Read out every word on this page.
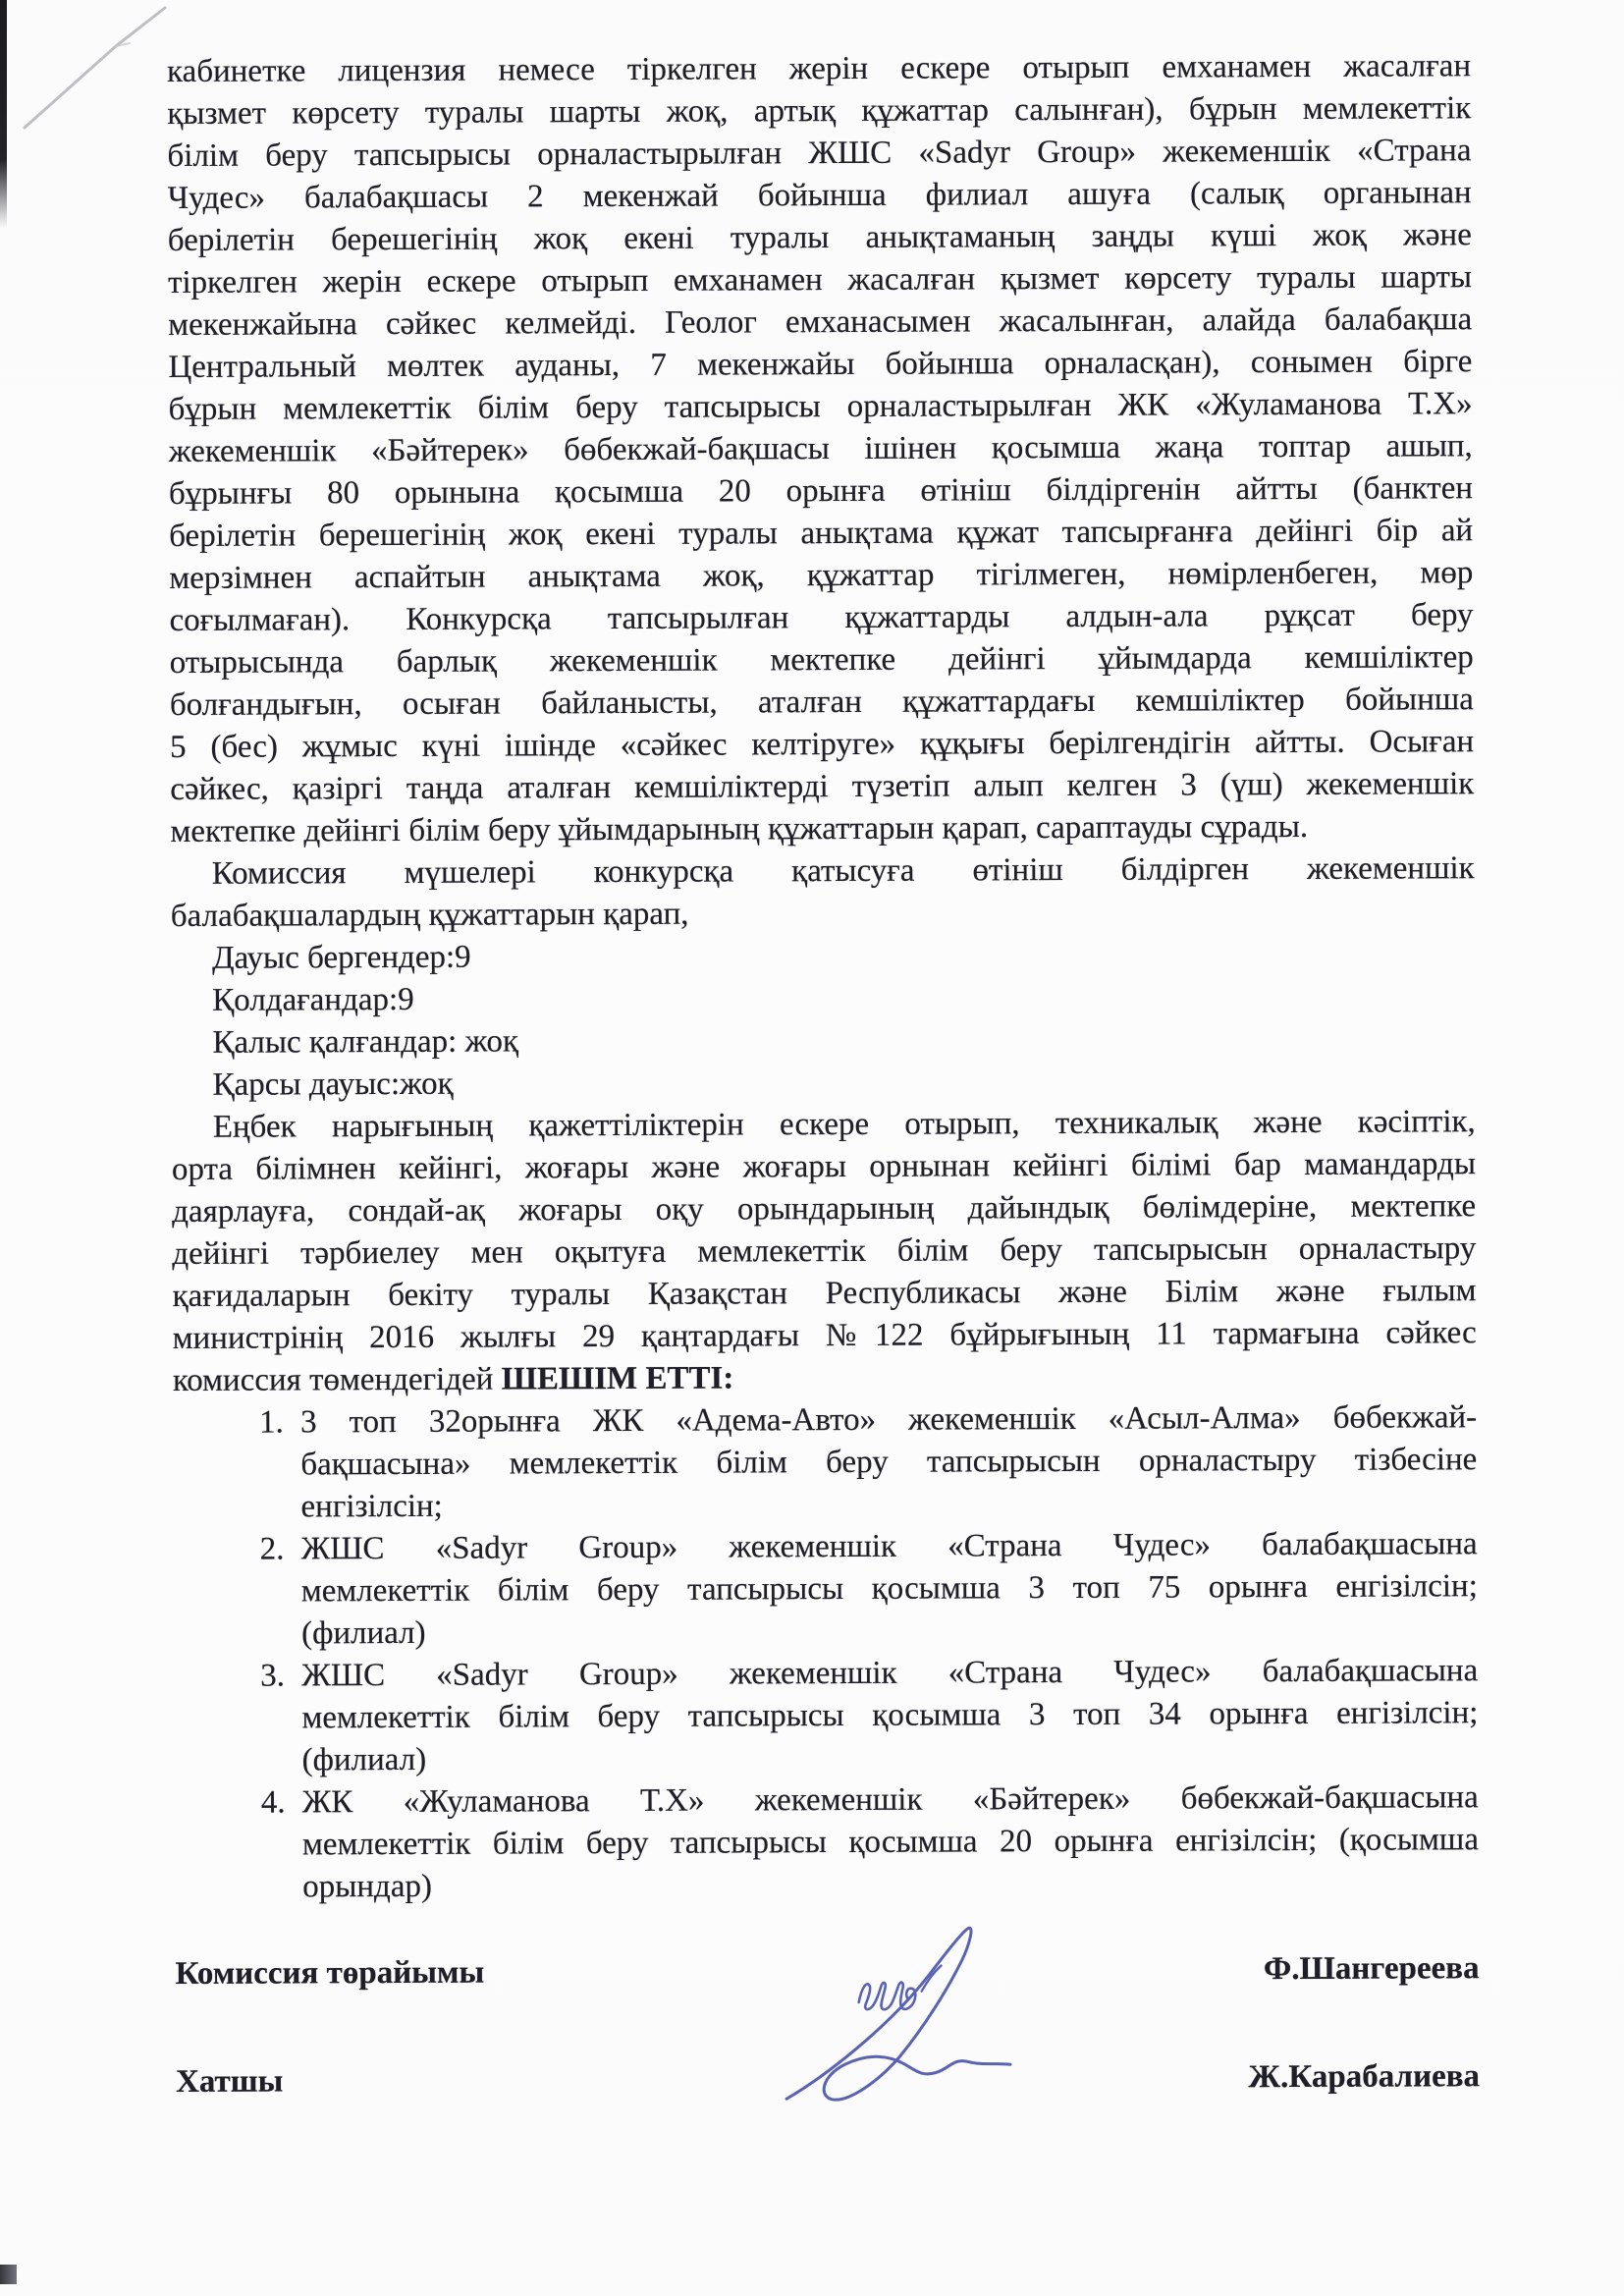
кабинетке лицензия немесе тіркелген жерін ескере отырып емханамен жасалған
қызмет көрсету туралы шарты жоқ, артық құжаттар салынған), бұрын мемлекеттік
білім беру тапсырысы орналастырылған ЖШС «Sadyr Group» жекеменшік «Страна
Чудес» балабақшасы 2 мекенжай бойынша филиал ашуға (салық органынан
берілетін берешегінің жоқ екені туралы анықтаманың заңды күші жоқ және
тіркелген жерін ескере отырып емханамен жасалған қызмет көрсету туралы шарты
мекенжайына сәйкес келмейді. Геолог емханасымен жасалынған, алайда балабақша
Центральный мөлтек ауданы, 7 мекенжайы бойынша орналасқан), сонымен бірге
бұрын мемлекеттік білім беру тапсырысы орналастырылған ЖК «Жуламанова Т.Х»
жекеменшік «Бәйтерек» бөбекжай-бақшасы ішінен қосымша жаңа топтар ашып,
бұрынғы 80 орынына қосымша 20 орынға өтініш білдіргенін айтты (банктен
берілетін берешегінің жоқ екені туралы анықтама құжат тапсырғанға дейінгі бір ай
мерзімнен аспайтын анықтама жоқ, құжаттар тігілмеген, нөмірленбеген, мөр
соғылмаған). Конкурсқа тапсырылған құжаттарды алдын-ала рұқсат беру
отырысында барлық жекеменшік мектепке дейінгі ұйымдарда кемшіліктер
болғандығын, осыған байланысты, аталған құжаттардағы кемшіліктер бойынша
5 (бес) жұмыс күні ішінде «сәйкес келтіруге» құқығы берілгендігін айтты. Осыған
сәйкес, қазіргі таңда аталған кемшіліктерді түзетіп алып келген 3 (үш) жекеменшік
мектепке дейінгі білім беру ұйымдарының құжаттарын қарап, сараптауды сұрады.
Комиссия мүшелері конкурсқа қатысуға өтініш білдірген жекеменшік
балабақшалардың құжаттарын қарап,
Дауыс бергендер:9
Қолдағандар:9
Қалыс қалғандар: жоқ
Қарсы дауыс:жоқ
Еңбек нарығының қажеттіліктерін ескере отырып, техникалық және кәсіптік,
орта білімнен кейінгі, жоғары және жоғары орнынан кейінгі білімі бар мамандарды
даярлауға, сондай-ақ жоғары оқу орындарының дайындық бөлімдеріне, мектепке
дейінгі тәрбиелеу мен оқытуға мемлекеттік білім беру тапсырысын орналастыру
қағидаларын бекіту туралы Қазақстан Республикасы және Білім және ғылым
министрінің 2016 жылғы 29 қаңтардағы №122 бұйрығының 11 тармағына сәйкес
комиссия төмендегідей ШЕШІМ ЕТТІ:
1. 3 топ 32орынға ЖК «Адема-Авто» жекеменшік «Асыл-Алма» бөбекжай-
бақшасына» мемлекеттік білім беру тапсырысын орналастыру тізбесіне
енгізілсін;
2. ЖШС «Sadyr Group» жекеменшік «Страна Чудес» балабақшасына
мемлекеттік білім беру тапсырысы қосымша 3 топ 75 орынға енгізілсін;
(филиал)
3. ЖШС «Sadyr Group» жекеменшік «Страна Чудес» балабақшасына
мемлекеттік білім беру тапсырысы қосымша 3 топ 34 орынға енгізілсін;
(филиал)
4. ЖК «Жуламанова Т.Х» жекеменшік «Бәйтерек» бөбекжай-бақшасына
мемлекеттік білім беру тапсырысы қосымша 20 орынға енгізілсін; (қосымша
орындар)
Комиссия төрайымы	Ф.Шангереева
Хатшы	Ж.Карабалиева
